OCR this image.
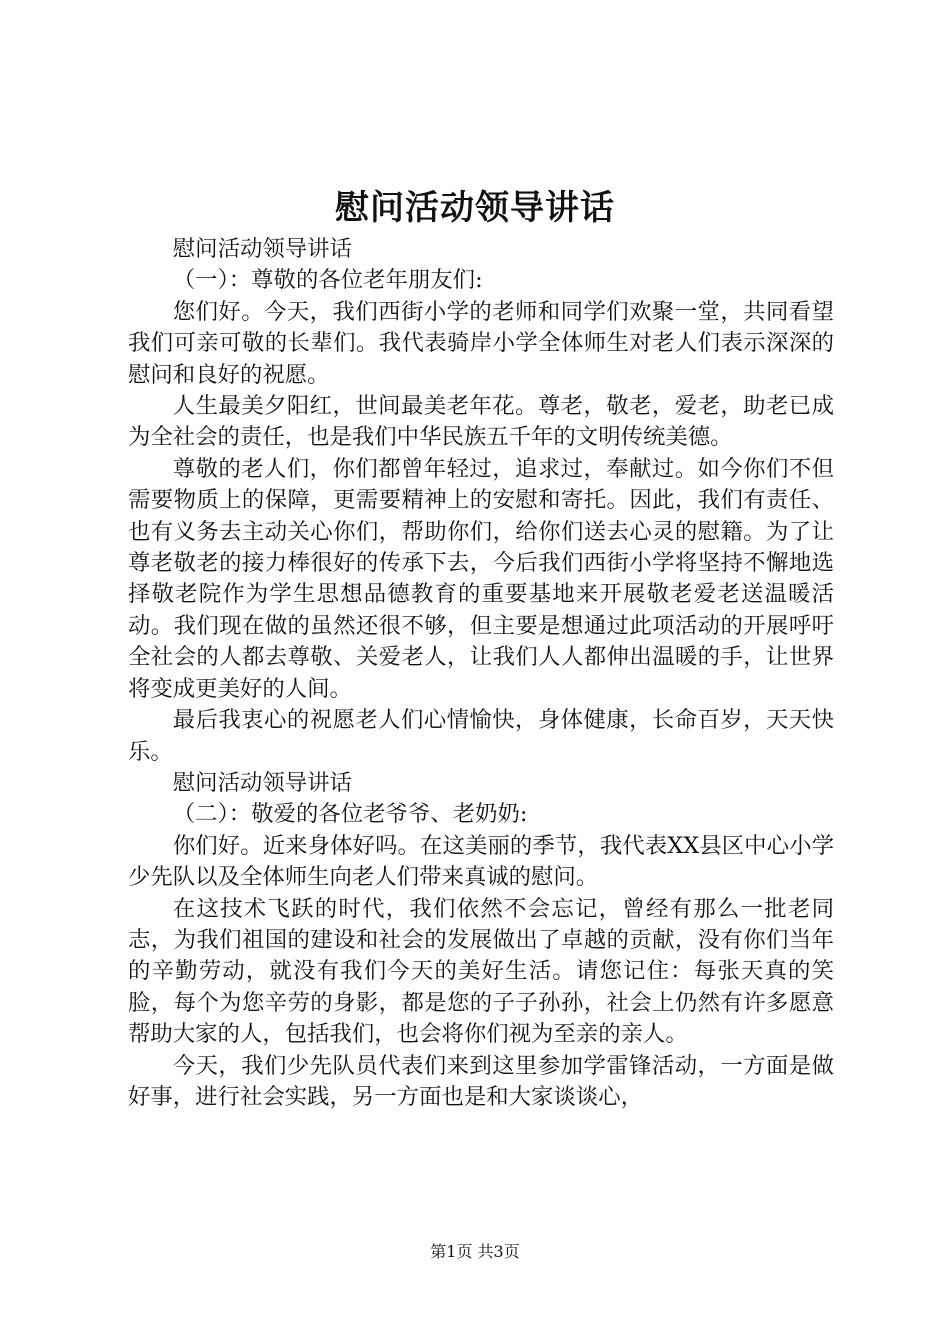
慰问活动领导讲话

慰问活动领导讲话

（一）：尊敬的各位老年朋友们:

您们好。今天，我们西街小学的老师和同学们欢聚一堂，共同看望我们可亲可敬的长辈们。我代表骑岸小学全体师生对老人们表示深深的慰问和良好的祝愿。

人生最美夕阳红，世间最美老年花。尊老，敬老，爱老，助老已成为全社会的责任，也是我们中华民族五千年的文明传统美德。

尊敬的老人们，你们都曾年轻过，追求过，奉献过。如今你们不但需要物质上的保障，更需要精神上的安慰和寄托。因此，我们有责任、也有义务去主动关心你们，帮助你们，给你们送去心灵的慰籍。为了让尊老敬老的接力棒很好的传承下去，今后我们西街小学将坚持不懈地选择敬老院作为学生思想品德教育的重要基地来开展敬老爱老送温暖活动。我们现在做的虽然还很不够，但主要是想通过此项活动的开展呼吁全社会的人都去尊敬、关爱老人，让我们人人都伸出温暖的手，让世界将变成更美好的人间。

最后我衷心的祝愿老人们心情愉快，身体健康，长命百岁，天天快乐。

慰问活动领导讲话

（二）：敬爱的各位老爷爷、老奶奶:

你们好。近来身体好吗。在这美丽的季节，我代表XX县区中心小学少先队以及全体师生向老人们带来真诚的慰问。

在这技术飞跃的时代，我们依然不会忘记，曾经有那么一批老同志，为我们祖国的建设和社会的发展做出了卓越的贡献，没有你们当年的辛勤劳动，就没有我们今天的美好生活。请您记住：每张天真的笑脸，每个为您辛劳的身影，都是您的子子孙孙，社会上仍然有许多愿意帮助大家的人，包括我们，也会将你们视为至亲的亲人。

今天，我们少先队员代表们来到这里参加学雷锋活动，一方面是做好事，进行社会实践，另一方面也是和大家谈谈心，

第1页 共3页
